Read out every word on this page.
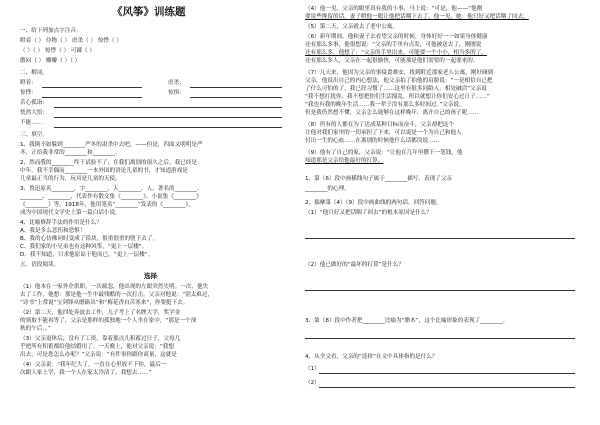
《风筝》训练题
一、给下列加点字注音。
瞪着（ ） 伶物（ ） 虐杀（ ） 惊悸（ ）
（ ）（ ） 惊悸（ ） 可鄙（ ）
傲闷（ ） 瓣瓣（ ）（ ）
二、解词。
瞪着：	虐杀：
惊悸：	惊惧：
苦心孤诣：
恍然大悟：
不能……
三、填空。
1、我倒不如躲到________严冬的肃杀中去吧，——但是，四面又明明是严
冬，正给我非常的________和________。
2、然而我的________终于试验不了，在我们离别的很久之后，我已经是
中年。我不幸偶而________一本外国的讲论儿童的书，才知道游戏是
儿童最正当的行为，玩具是儿童的天使。
3、鲁迅原名________，字________，人________，人。著名的________、
________、________，代表作有散文集《________》、小说集《________》
《________》等。1918年，他用笔名“________”发表的《________》，
成为中国现代文学史上第一篇白话小说。
4、比喻修辞手法的作用是什么？
A、我是多么悲伤和恐惧！
B、我的心仿佛同时变成了铅块，很重很重的堕下去了。
C、我们家的小兄弟也有这种风筝。“更上一层楼”。
D、我不知道，只求他原谅于他而已。“更上一层楼”。
五、语段阅读。
选择
（1）他本在一家外企供职，一次疏忽，他出现的左眼突然失明。一次，他失
去了工作，他想：那是他一生中最残酷的一次打击。父亲对他说：“别太难过，
“诗书”上常说“宝剑锋从磨砺出”和“梅花香自苦寒来”，你要挺下去。
（2）第二天，他四处奔波去工作，儿子考上了名牌大学，奖学金
的领取不能再等了，父亲是那样的孤独地一个人坐在家中，“那是一个深
秋的午后…”
（3）父亲退休后，没有了工资，靠着那点儿积蓄过日子，父母几
乎把所有积蓄都给他结婚用了。一天晚上，他对父亲说：“我想
出去，可是您怎么办呢？”父亲说：“有件事你跟你商量，这就是
（4）父亲说：“我年纪大了，一直在心里放不下你，最后一
次跟人家上学，我一个人在家太冷清了，我想去……”
（4）他一见，父亲的眼里真有我的小事，马上说：“可是，他——”他刚
要说些挽留的话，妻子瞪他一眼让他把话咽下去了。他一见，她：他只好又把话咽了回去。
（5）第二天，父亲就去了老中公寓。
（6）新年期间，他和妻子去看望父亲的时候，身体好好一一如果身体健康
还有那么多事，他很想说：“父亲的手里有点发，可他被送去了，刚刚说
还有那么多，他想了：“父亲的手里出来，可能要一个小小，相当多的了。
还有那么多人，父亲在一起很愉快，可能那是他们需要的一起要来的。
（7）几天来，他因为父亲的事寝食难安，找到附近那家老人公寓，刚好碰到
父亲。他说出自己的内心想法，他父亲拍了拍他的肩膀说：“一是相信自己把
了什么可怕的了，我已经习惯了……这里有很多同龄人，相处融洽”父亲说
“我不想打扰你，我不想把你们生活搅乱，所以就想让你们安心过日子……”
“我也有我的晚年生活……我一辈子没有那么多时间过。”父亲说。
但是我仍然想不懂，父亲怎么能够在这样晚年，离开自己的孩子呢……
（8）所有的人都在为了达成某种目标而奋斗，父亲却把这个
让他对我们家里的一切承担了下来，可以说是一个为自己和他人
付出一生的心血……在离别的时候他什么话都没说……
（9）他有了自己的家，父亲说：“让他在几年里攒下一笔钱，他
知道那是父亲给他最好的打算。
1、第（6）段中画横线句子属于________描写，表现了父亲
________的心理。
2、揣摩第（4）（9）段中画曲线的两句话，回答问题。
（1）“他只好又把话咽了回去”的根本原因是什么？
（2）他已做好的“最坏的打算”是什么？
3、第（8）段中作者把________比喻为“腊木”，这个比喻形象的表现了________。
4、从全文看，父亲的“选择”在文中具体指的是什么？
（1）
（2）
